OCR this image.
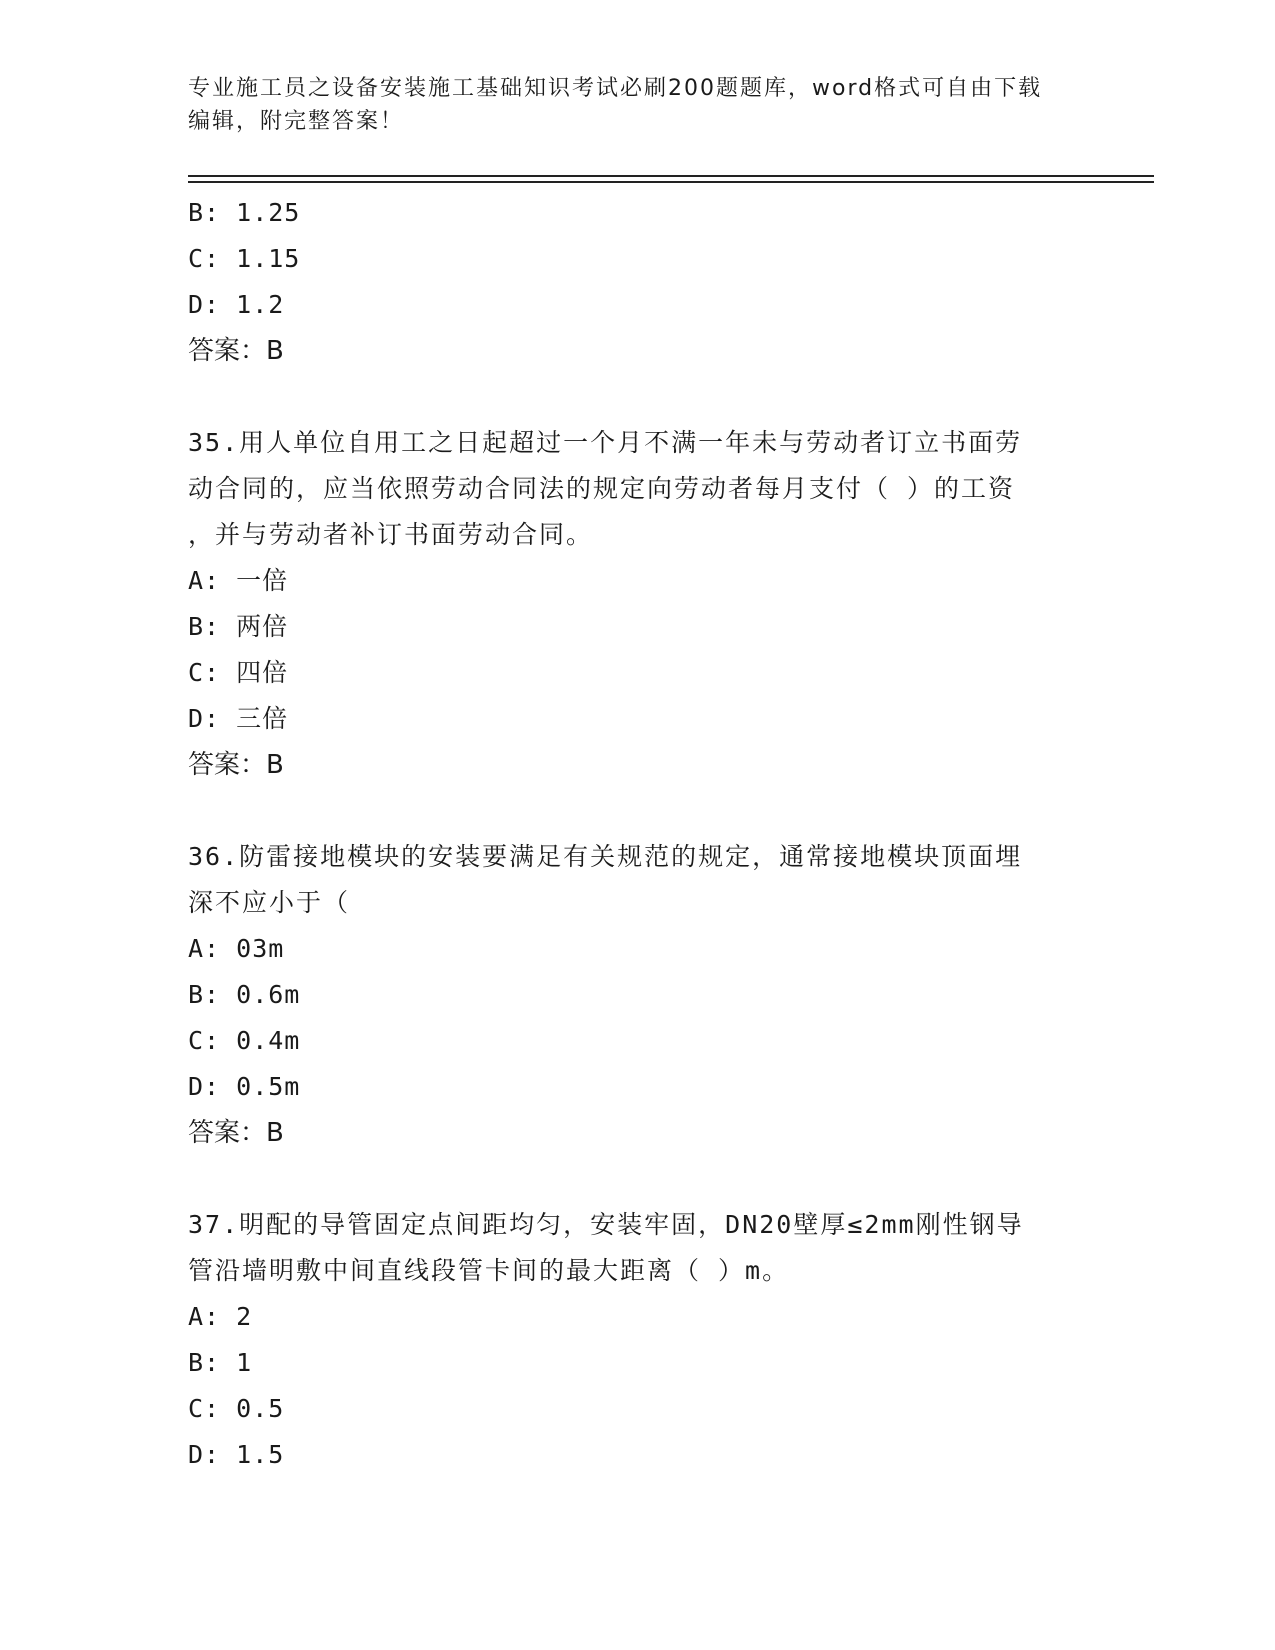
专业施工员之设备安装施工基础知识考试必刷200题题库，word格式可自由下载
编辑，附完整答案！
B: 1.25
C: 1.15
D: 1.2
答案：B
35.用人单位自用工之日起超过一个月不满一年未与劳动者订立书面劳
动合同的，应当依照劳动合同法的规定向劳动者每月支付（ ）的工资
，并与劳动者补订书面劳动合同。
A: 一倍
B: 两倍
C: 四倍
D: 三倍
答案：B
36.防雷接地模块的安装要满足有关规范的规定，通常接地模块顶面埋
深不应小于（
A: 03m
B: 0.6m
C: 0.4m
D: 0.5m
答案：B
37.明配的导管固定点间距均匀，安装牢固，DN20壁厚≤2mm刚性钢导
管沿墙明敷中间直线段管卡间的最大距离（ ）m。
A: 2
B: 1
C: 0.5
D: 1.5
